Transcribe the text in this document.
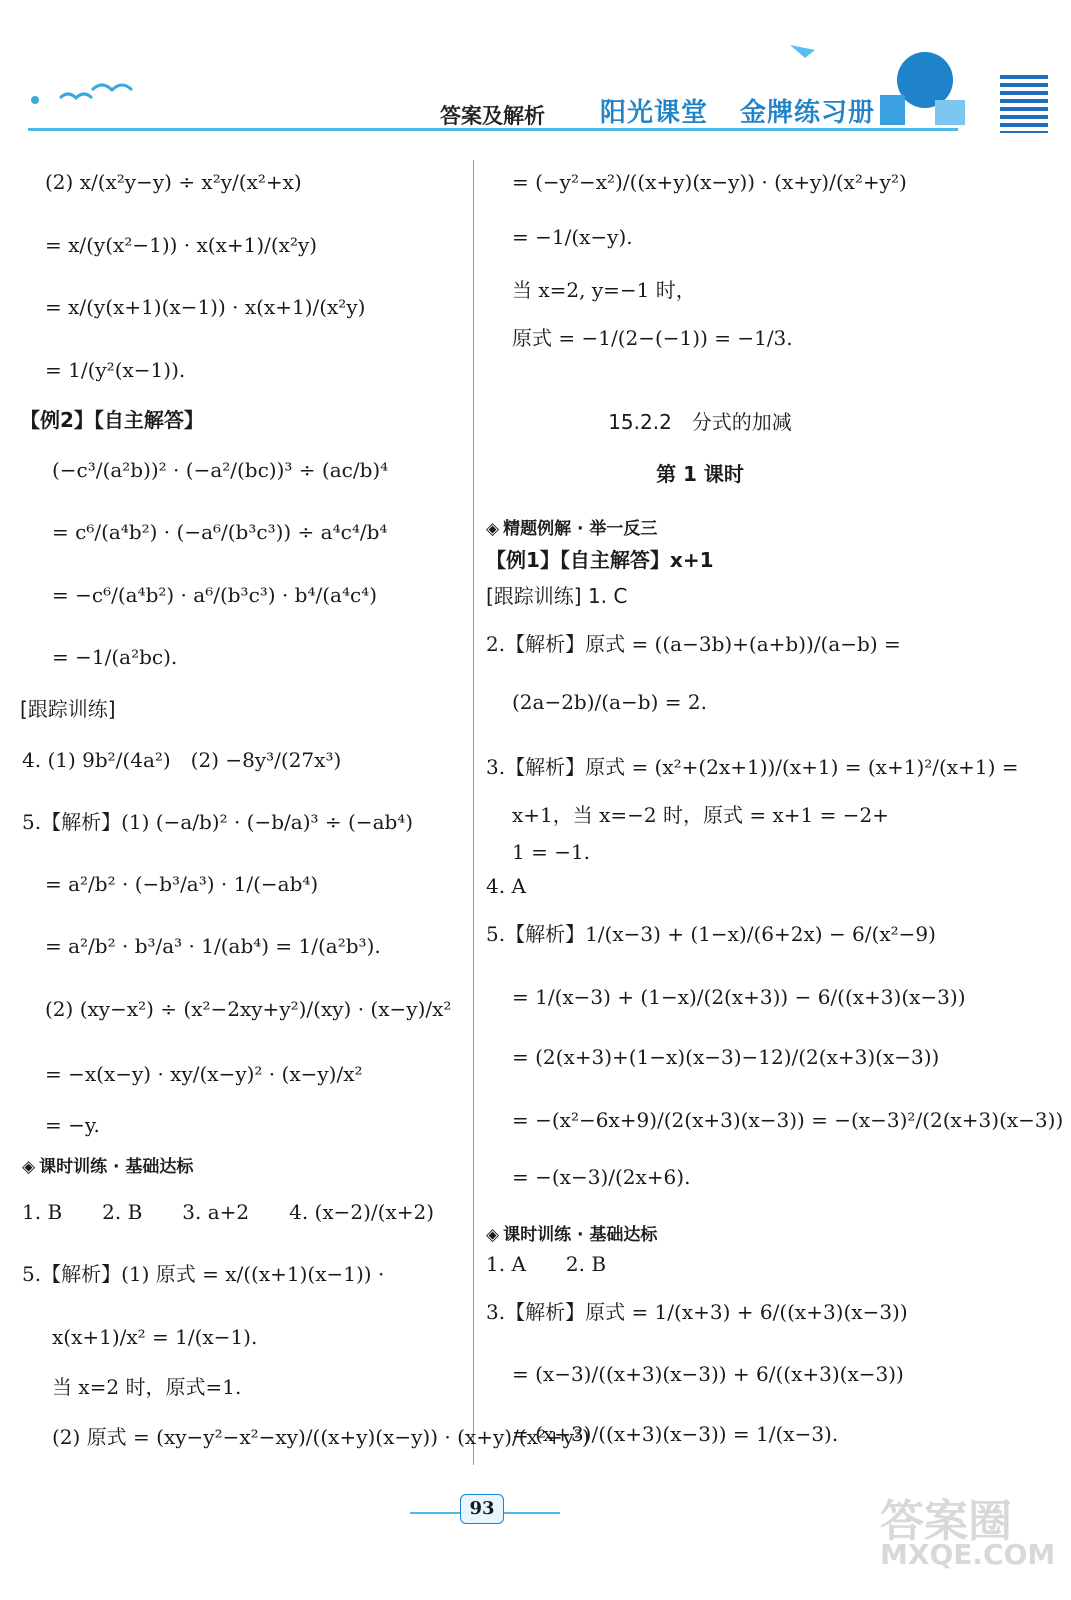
答案及解析 阳光课堂 金牌练习册
(2) x/(x²y−y) ÷ x²y/(x²+x)
= x/(y(x²−1)) · x(x+1)/(x²y)
= x/(y(x+1)(x−1)) · x(x+1)/(x²y)
= 1/(y²(x−1)).
【例2】【自主解答】
(−c³/(a²b))² · (−a²/(bc))³ ÷ (ac/b)⁴
= c⁶/(a⁴b²) · (−a⁶/(b³c³)) ÷ a⁴c⁴/b⁴
= −c⁶/(a⁴b²) · a⁶/(b³c³) · b⁴/(a⁴c⁴)
= −1/(a²bc).
[跟踪训练]
4. (1) 9b²/(4a²)　(2) −8y³/(27x³)
5.【解析】(1) (−a/b)² · (−b/a)³ ÷ (−ab⁴)
= a²/b² · (−b³/a³) · 1/(−ab⁴)
= a²/b² · b³/a³ · 1/(ab⁴) = 1/(a²b³).
(2) (xy−x²) ÷ (x²−2xy+y²)/(xy) · (x−y)/x²
= −x(x−y) · xy/(x−y)² · (x−y)/x²
= −y.
◈ 课时训练 · 基础达标
1. B　　2. B　　3. a+2　　4. (x−2)/(x+2)
5.【解析】(1) 原式 = x/((x+1)(x−1)) ·
x(x+1)/x² = 1/(x−1).
当 x=2 时，原式=1.
(2) 原式 = (xy−y²−x²−xy)/((x+y)(x−y)) · (x+y)/(x²+y²)
= (−y²−x²)/((x+y)(x−y)) · (x+y)/(x²+y²)
= −1/(x−y).
当 x=2, y=−1 时，
原式 = −1/(2−(−1)) = −1/3.
15.2.2　分式的加减
第 1 课时
◈ 精题例解 · 举一反三
【例1】【自主解答】x+1
[跟踪训练] 1. C
2.【解析】原式 = ((a−3b)+(a+b))/(a−b) =
(2a−2b)/(a−b) = 2.
3.【解析】原式 = (x²+(2x+1))/(x+1) = (x+1)²/(x+1) =
x+1，当 x=−2 时，原式 = x+1 = −2+
1 = −1.
4. A
5.【解析】1/(x−3) + (1−x)/(6+2x) − 6/(x²−9)
= 1/(x−3) + (1−x)/(2(x+3)) − 6/((x+3)(x−3))
= (2(x+3)+(1−x)(x−3)−12)/(2(x+3)(x−3))
= −(x²−6x+9)/(2(x+3)(x−3)) = −(x−3)²/(2(x+3)(x−3))
= −(x−3)/(2x+6).
◈ 课时训练 · 基础达标
1. A　　2. B
3.【解析】原式 = 1/(x+3) + 6/((x+3)(x−3))
= (x−3)/((x+3)(x−3)) + 6/((x+3)(x−3))
= (x+3)/((x+3)(x−3)) = 1/(x−3).
93	答案圈
MXQE.COM
